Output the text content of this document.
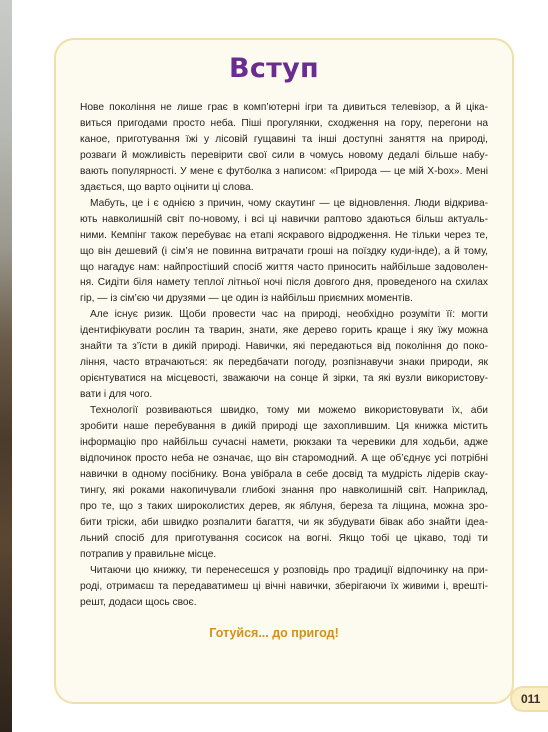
Вступ
Нове покоління не лише грає в комп’ютерні ігри та дивиться телевізор, а й ціка-
виться пригодами просто неба. Піші прогулянки, сходження на гору, перегони на
каное, приготування їжі у лісовій гущавині та інші доступні заняття на природі,
розваги й можливість перевірити свої сили в чомусь новому дедалі більше набу-
вають популярності. У мене є футболка з написом: «Природа — це мій X-box». Мені
здається, що варто оцінити ці слова.
Мабуть, це і є однією з причин, чому скаутинг — це відновлення. Люди відкрива-
ють навколишній світ по-новому, і всі ці навички раптово здаються більш актуаль-
ними. Кемпінг також перебуває на етапі яскравого відродження. Не тільки через те,
що він дешевий (і сім’я не повинна витрачати гроші на поїздку куди-інде), а й тому,
що нагадує нам: найпростіший спосіб життя часто приносить найбільше задоволен-
ня. Сидіти біля намету теплої літньої ночі після довгого дня, проведеного на схилах
гір, — із сім’єю чи друзями — це один із найбільш приємних моментів.
Але існує ризик. Щоби провести час на природі, необхідно розуміти її: могти
ідентифікувати рослин та тварин, знати, яке дерево горить краще і яку їжу можна
знайти та з’їсти в дикій природі. Навички, які передаються від покоління до поко-
ління, часто втрачаються: як передбачати погоду, розпізнавучи знаки природи, як
орієнтуватися на місцевості, зважаючи на сонце й зірки, та які вузли використову-
вати і для чого.
Технології розвиваються швидко, тому ми можемо використовувати їх, аби
зробити наше перебування в дикій природі ще захоплившим. Ця книжка містить
інформацію про найбільш сучасні намети, рюкзаки та черевики для ходьби, адже
відпочинок просто неба не означає, що він старомодний. А ще об’єднує усі потрібні
навички в одному посібнику. Вона увібрала в себе досвід та мудрість лідерів скау-
тингу, які роками накопичували глибокі знання про навколишній світ. Наприклад,
про те, що з таких широколистих дерев, як яблуня, береза та ліщина, можна зро-
бити тріски, аби швидко розпалити багаття, чи як збудувати бівак або знайти ідеа-
льний спосіб для приготування сосисок на вогні. Якщо тобі це цікаво, тоді ти
потрапив у правильне місце.
Читаючи цю книжку, ти перенесешся у розповідь про традиції відпочинку на при-
роді, отримаєш та передаватимеш ці вічні навички, зберігаючи їх живими і, врешті-
решт, додаси щось своє.

Готуйся... до пригод!

011
